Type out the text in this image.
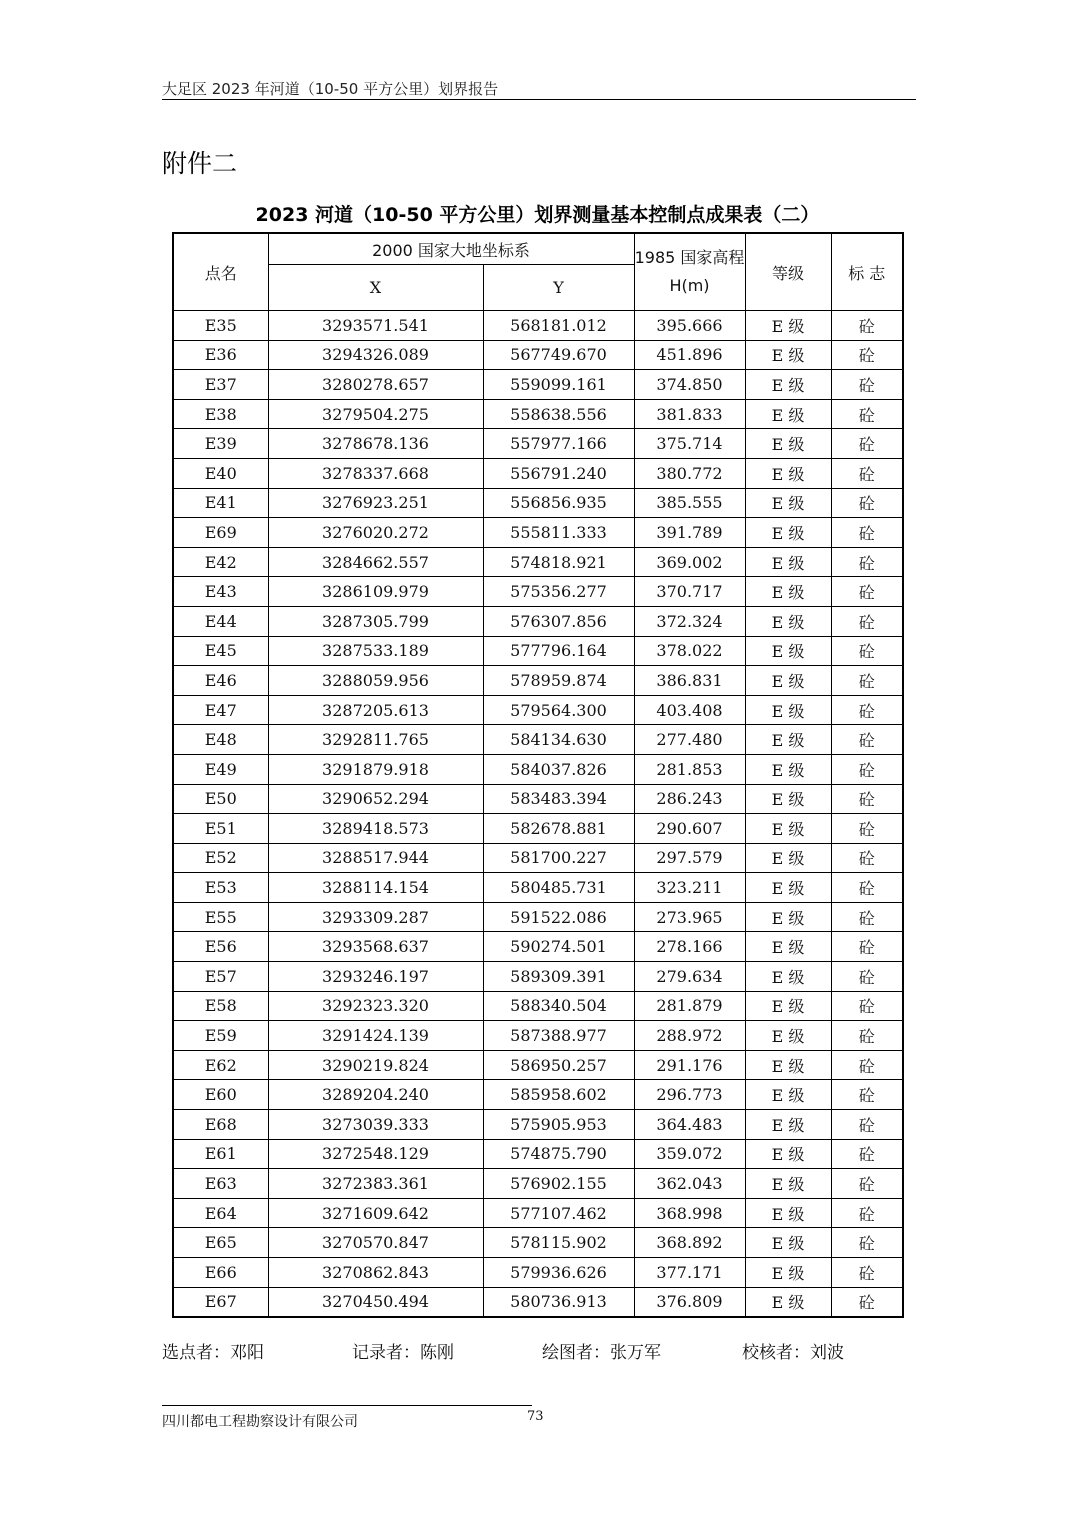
大足区 2023 年河道（10-50 平方公里）划界报告
附件二
2023 河道（10-50 平方公里）划界测量基本控制点成果表（二）
点名	2000 国家大地坐标系		1985 国家高程 H(m)	等级	标 志
	X	Y			
E35	3293571.541	568181.012	395.666	E 级	砼
E36	3294326.089	567749.670	451.896	E 级	砼
E37	3280278.657	559099.161	374.850	E 级	砼
E38	3279504.275	558638.556	381.833	E 级	砼
E39	3278678.136	557977.166	375.714	E 级	砼
E40	3278337.668	556791.240	380.772	E 级	砼
E41	3276923.251	556856.935	385.555	E 级	砼
E69	3276020.272	555811.333	391.789	E 级	砼
E42	3284662.557	574818.921	369.002	E 级	砼
E43	3286109.979	575356.277	370.717	E 级	砼
E44	3287305.799	576307.856	372.324	E 级	砼
E45	3287533.189	577796.164	378.022	E 级	砼
E46	3288059.956	578959.874	386.831	E 级	砼
E47	3287205.613	579564.300	403.408	E 级	砼
E48	3292811.765	584134.630	277.480	E 级	砼
E49	3291879.918	584037.826	281.853	E 级	砼
E50	3290652.294	583483.394	286.243	E 级	砼
E51	3289418.573	582678.881	290.607	E 级	砼
E52	3288517.944	581700.227	297.579	E 级	砼
E53	3288114.154	580485.731	323.211	E 级	砼
E55	3293309.287	591522.086	273.965	E 级	砼
E56	3293568.637	590274.501	278.166	E 级	砼
E57	3293246.197	589309.391	279.634	E 级	砼
E58	3292323.320	588340.504	281.879	E 级	砼
E59	3291424.139	587388.977	288.972	E 级	砼
E62	3290219.824	586950.257	291.176	E 级	砼
E60	3289204.240	585958.602	296.773	E 级	砼
E68	3273039.333	575905.953	364.483	E 级	砼
E61	3272548.129	574875.790	359.072	E 级	砼
E63	3272383.361	576902.155	362.043	E 级	砼
E64	3271609.642	577107.462	368.998	E 级	砼
E65	3270570.847	578115.902	368.892	E 级	砼
E66	3270862.843	579936.626	377.171	E 级	砼
E67	3270450.494	580736.913	376.809	E 级	砼
选点者：邓阳	记录者：陈刚	绘图者：张万军	校核者：刘波
四川都电工程勘察设计有限公司	73
